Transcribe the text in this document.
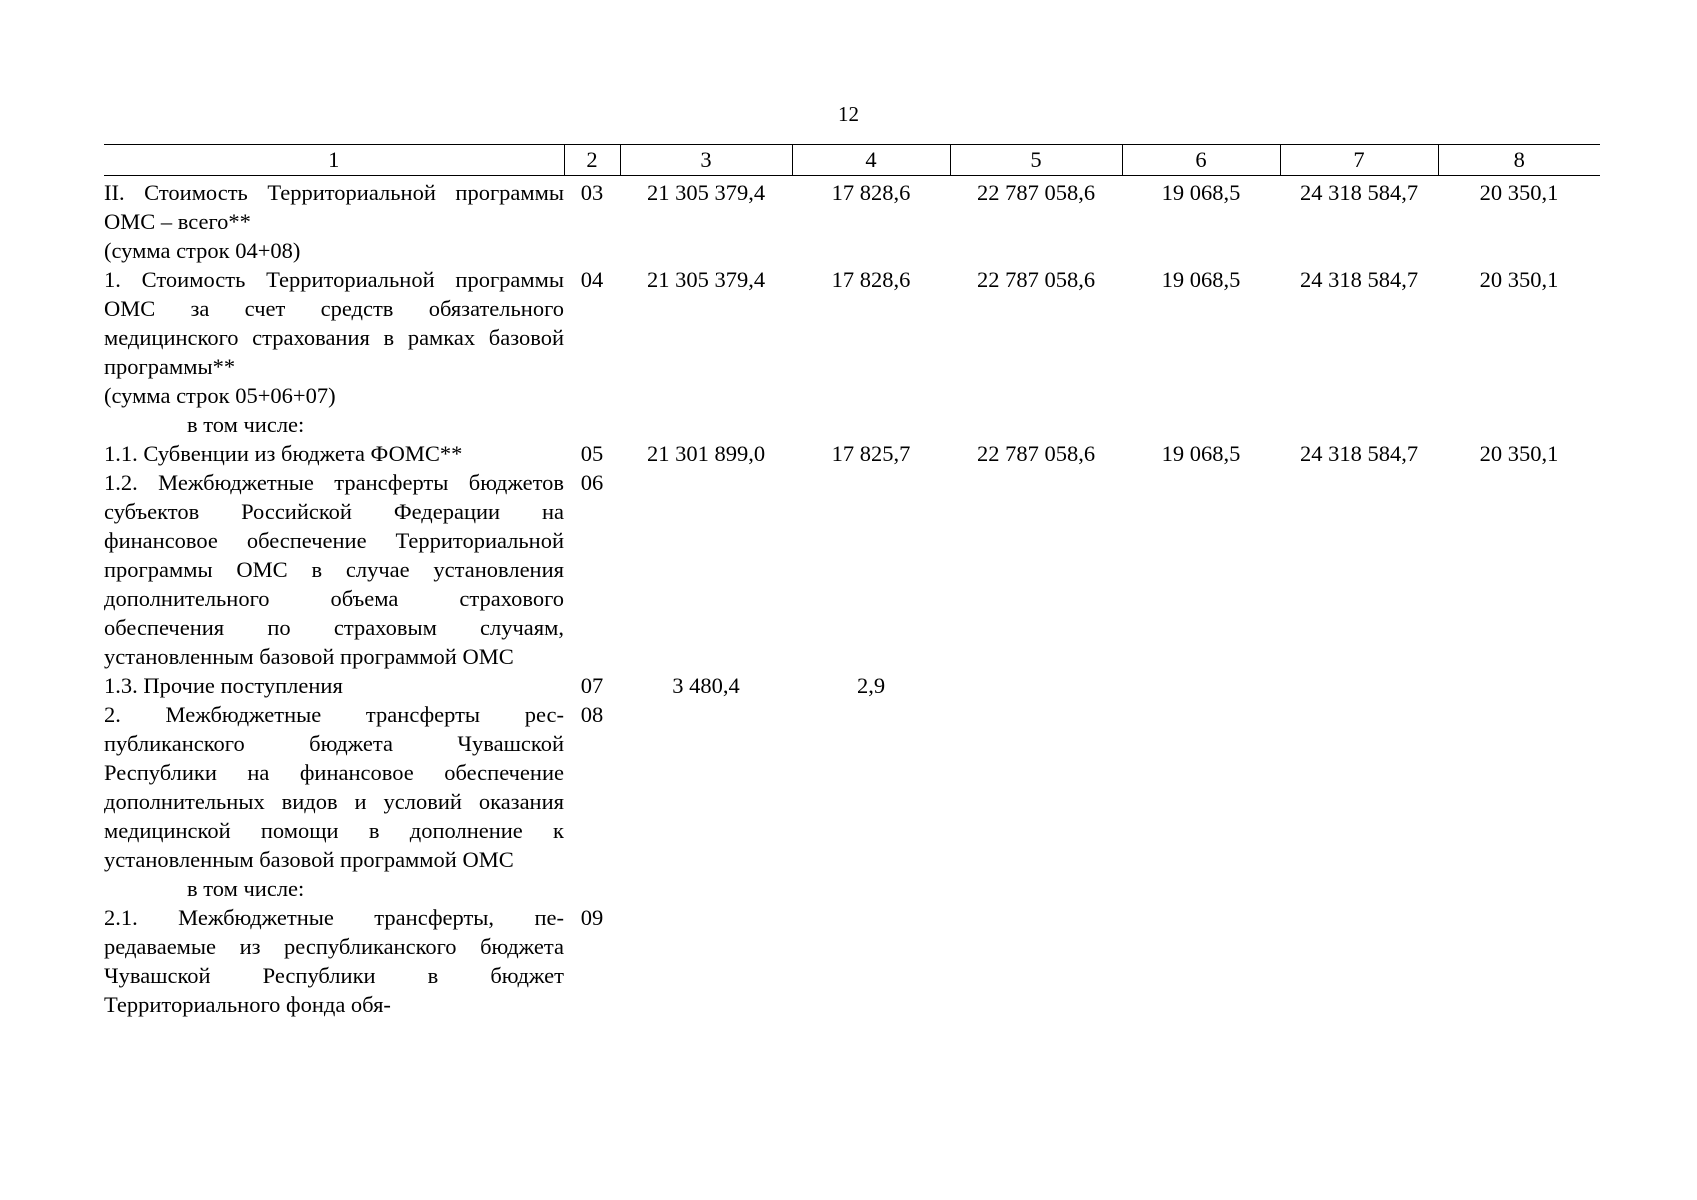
12
1	2	3	4	5	6	7	8
II. Стоимость Территориальной программы ОМС – всего**
(сумма строк 04+08)	03	21 305 379,4	17 828,6	22 787 058,6	19 068,5	24 318 584,7	20 350,1
1. Стоимость Территориальной программы ОМС за счет средств обязательного медицинского страхования в рамках базовой программы**
(сумма строк 05+06+07)	04	21 305 379,4	17 828,6	22 787 058,6	19 068,5	24 318 584,7	20 350,1
в том числе:							
1.1. Субвенции из бюджета ФОМС**	05	21 301 899,0	17 825,7	22 787 058,6	19 068,5	24 318 584,7	20 350,1
1.2. Межбюджетные трансферты бюджетов субъектов Российской Федерации на финансовое обеспечение Территориальной программы ОМС в случае установления дополнительного объема страхового обеспечения по страховым случаям, установленным базовой программой ОМС	06						
1.3. Прочие поступления	07	3 480,4	2,9				
2. Межбюджетные трансферты республиканского бюджета Чувашской Республики на финансовое обеспечение дополнительных видов и условий оказания медицинской помощи в дополнение к установленным базовой программой ОМС	08						
в том числе:							
2.1. Межбюджетные трансферты, передаваемые из республиканского бюджета Чувашской Республики в бюджет Территориального фонда обя-	09						
